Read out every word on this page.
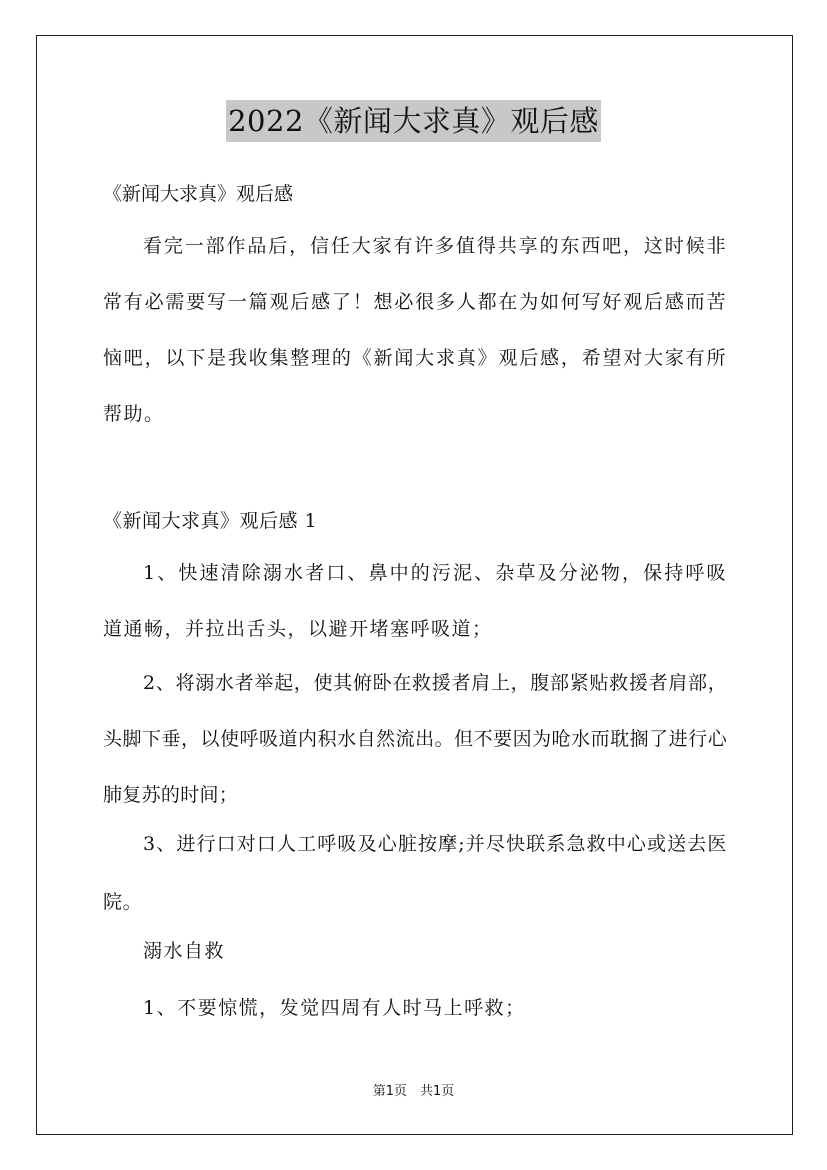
2022《新闻大求真》观后感
《新闻大求真》观后感

看完一部作品后，信任大家有许多值得共享的东西吧，这时候非常有必需要写一篇观后感了！想必很多人都在为如何写好观后感而苦恼吧，以下是我收集整理的《新闻大求真》观后感，希望对大家有所帮助。

《新闻大求真》观后感 1

1、快速清除溺水者口、鼻中的污泥、杂草及分泌物，保持呼吸道通畅，并拉出舌头，以避开堵塞呼吸道；

2、将溺水者举起，使其俯卧在救援者肩上，腹部紧贴救援者肩部，头脚下垂，以使呼吸道内积水自然流出。但不要因为呛水而耽搁了进行心肺复苏的时间；

3、进行口对口人工呼吸及心脏按摩;并尽快联系急救中心或送去医院。

溺水自救
1、不要惊慌，发觉四周有人时马上呼救；
第1页　共1页
